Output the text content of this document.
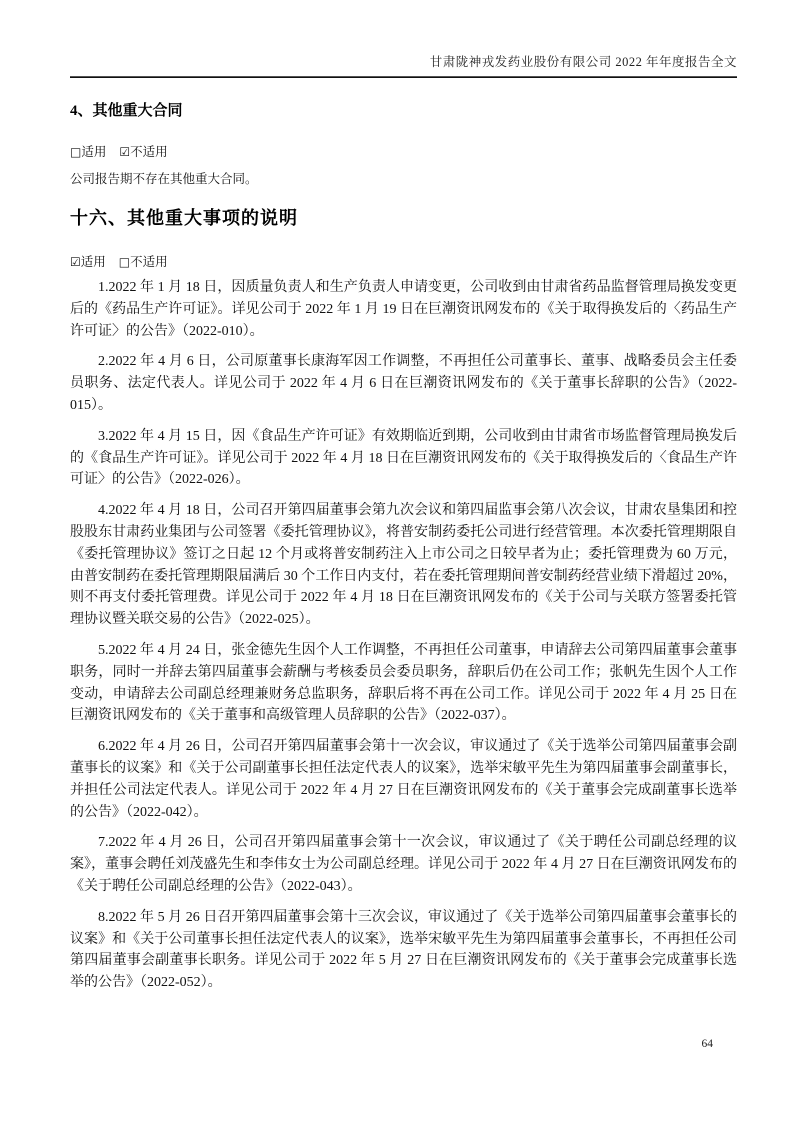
甘肃陇神戎发药业股份有限公司 2022 年年度报告全文
4、其他重大合同

□适用 ☑不适用

公司报告期不存在其他重大合同。

十六、其他重大事项的说明

☑适用 □不适用

1.2022 年 1 月 18 日，因质量负责人和生产负责人申请变更，公司收到由甘肃省药品监督管理局换发变更后的《药品生产许可证》。详见公司于 2022 年 1 月 19 日在巨潮资讯网发布的《关于取得换发后的〈药品生产许可证〉的公告》（2022-010）。

2.2022 年 4 月 6 日，公司原董事长康海军因工作调整，不再担任公司董事长、董事、战略委员会主任委员职务、法定代表人。详见公司于 2022 年 4 月 6 日在巨潮资讯网发布的《关于董事长辞职的公告》（2022-015）。

3.2022 年 4 月 15 日，因《食品生产许可证》有效期临近到期，公司收到由甘肃省市场监督管理局换发后的《食品生产许可证》。详见公司于 2022 年 4 月 18 日在巨潮资讯网发布的《关于取得换发后的〈食品生产许可证〉的公告》（2022-026）。

4.2022 年 4 月 18 日，公司召开第四届董事会第九次会议和第四届监事会第八次会议，甘肃农垦集团和控股股东甘肃药业集团与公司签署《委托管理协议》，将普安制药委托公司进行经营管理。本次委托管理期限自《委托管理协议》签订之日起 12 个月或将普安制药注入上市公司之日较早者为止；委托管理费为 60 万元，由普安制药在委托管理期限届满后 30 个工作日内支付，若在委托管理期间普安制药经营业绩下滑超过 20%，则不再支付委托管理费。详见公司于 2022 年 4 月 18 日在巨潮资讯网发布的《关于公司与关联方签署委托管理协议暨关联交易的公告》（2022-025）。

5.2022 年 4 月 24 日，张金德先生因个人工作调整，不再担任公司董事，申请辞去公司第四届董事会董事职务，同时一并辞去第四届董事会薪酬与考核委员会委员职务，辞职后仍在公司工作；张帆先生因个人工作变动，申请辞去公司副总经理兼财务总监职务，辞职后将不再在公司工作。详见公司于 2022 年 4 月 25 日在巨潮资讯网发布的《关于董事和高级管理人员辞职的公告》（2022-037）。

6.2022 年 4 月 26 日，公司召开第四届董事会第十一次会议，审议通过了《关于选举公司第四届董事会副董事长的议案》和《关于公司副董事长担任法定代表人的议案》，选举宋敏平先生为第四届董事会副董事长，并担任公司法定代表人。详见公司于 2022 年 4 月 27 日在巨潮资讯网发布的《关于董事会完成副董事长选举的公告》（2022-042）。

7.2022 年 4 月 26 日，公司召开第四届董事会第十一次会议，审议通过了《关于聘任公司副总经理的议案》，董事会聘任刘茂盛先生和李伟女士为公司副总经理。详见公司于 2022 年 4 月 27 日在巨潮资讯网发布的《关于聘任公司副总经理的公告》（2022-043）。

8.2022 年 5 月 26 日召开第四届董事会第十三次会议，审议通过了《关于选举公司第四届董事会董事长的议案》和《关于公司董事长担任法定代表人的议案》，选举宋敏平先生为第四届董事会董事长，不再担任公司第四届董事会副董事长职务。详见公司于 2022 年 5 月 27 日在巨潮资讯网发布的《关于董事会完成董事长选举的公告》（2022-052）。

64
